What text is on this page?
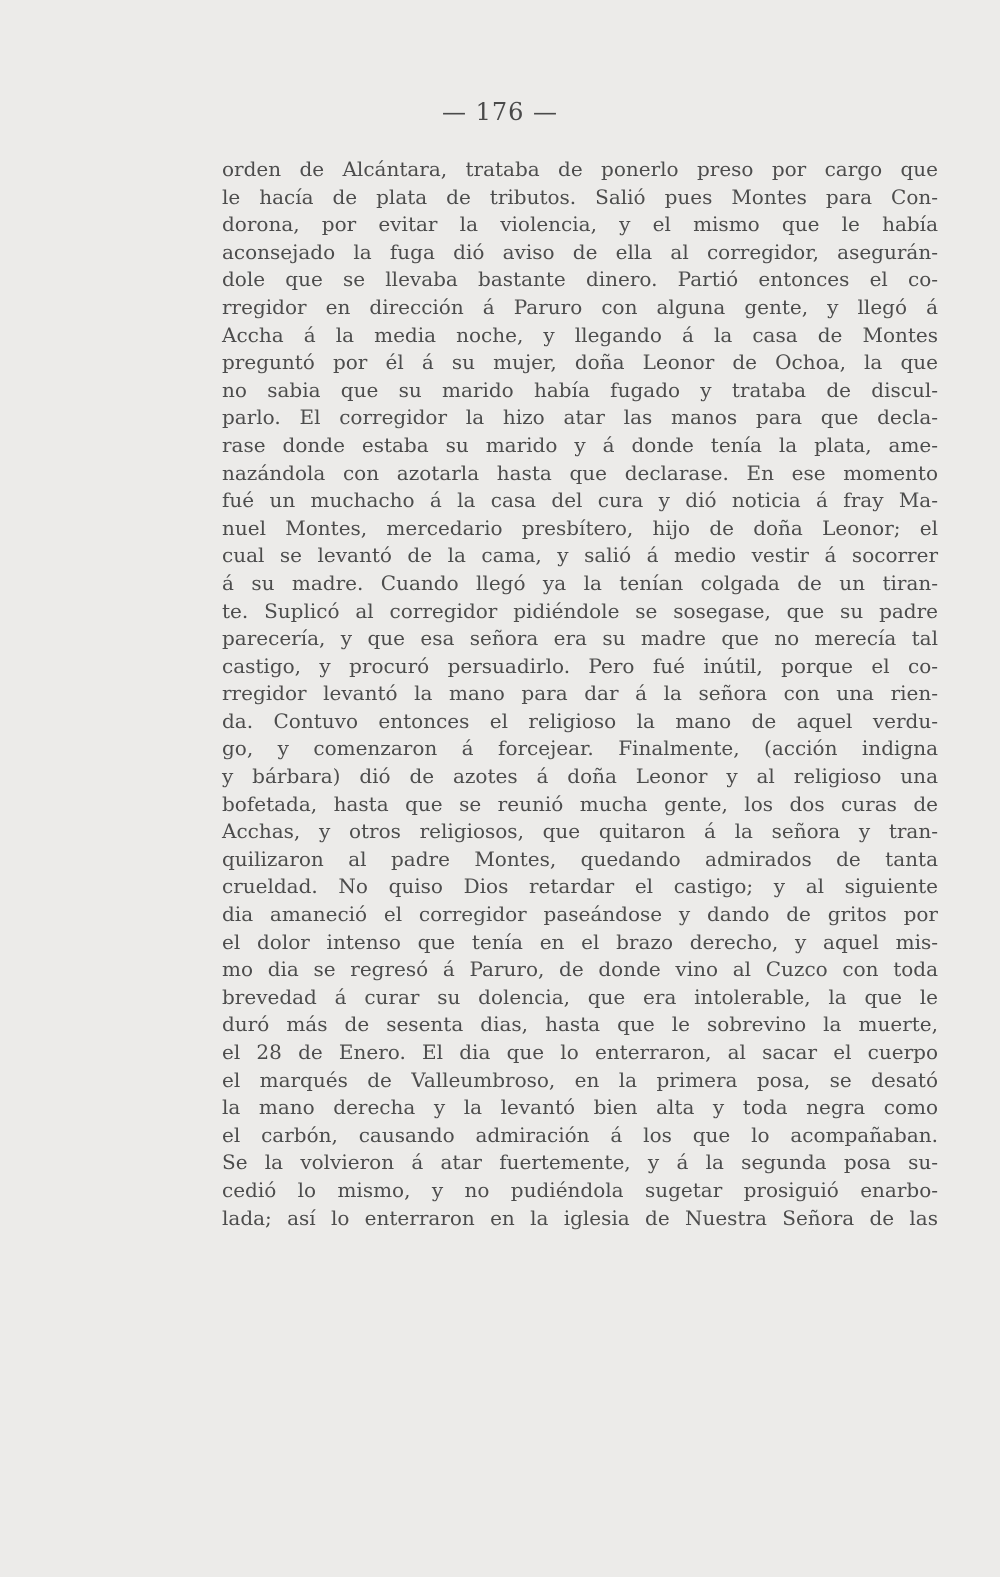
— 176 —

orden de Alcántara, trataba de ponerlo preso por cargo que
le hacía de plata de tributos. Salió pues Montes para Con-
dorona, por evitar la violencia, y el mismo que le había
aconsejado la fuga dió aviso de ella al corregidor, asegurán-
dole que se llevaba bastante dinero. Partió entonces el co-
rregidor en dirección á Paruro con alguna gente, y llegó á
Accha á la media noche, y llegando á la casa de Montes
preguntó por él á su mujer, doña Leonor de Ochoa, la que
no sabia que su marido había fugado y trataba de discul-
parlo. El corregidor la hizo atar las manos para que decla-
rase donde estaba su marido y á donde tenía la plata, ame-
nazándola con azotarla hasta que declarase. En ese momento
fué un muchacho á la casa del cura y dió noticia á fray Ma-
nuel Montes, mercedario presbítero, hijo de doña Leonor; el
cual se levantó de la cama, y salió á medio vestir á socorrer
á su madre. Cuando llegó ya la tenían colgada de un tiran-
te. Suplicó al corregidor pidiéndole se sosegase, que su padre
parecería, y que esa señora era su madre que no merecía tal
castigo, y procuró persuadirlo. Pero fué inútil, porque el co-
rregidor levantó la mano para dar á la señora con una rien-
da. Contuvo entonces el religioso la mano de aquel verdu-
go, y comenzaron á forcejear. Finalmente, (acción indigna
y bárbara) dió de azotes á doña Leonor y al religioso una
bofetada, hasta que se reunió mucha gente, los dos curas de
Acchas, y otros religiosos, que quitaron á la señora y tran-
quilizaron al padre Montes, quedando admirados de tanta
crueldad. No quiso Dios retardar el castigo; y al siguiente
dia amaneció el corregidor paseándose y dando de gritos por
el dolor intenso que tenía en el brazo derecho, y aquel mis-
mo dia se regresó á Paruro, de donde vino al Cuzco con toda
brevedad á curar su dolencia, que era intolerable, la que le
duró más de sesenta dias, hasta que le sobrevino la muerte,
el 28 de Enero. El dia que lo enterraron, al sacar el cuerpo
el marqués de Valleumbroso, en la primera posa, se desató
la mano derecha y la levantó bien alta y toda negra como
el carbón, causando admiración á los que lo acompañaban.
Se la volvieron á atar fuertemente, y á la segunda posa su-
cedió lo mismo, y no pudiéndola sugetar prosiguió enarbo-
lada; así lo enterraron en la iglesia de Nuestra Señora de las
